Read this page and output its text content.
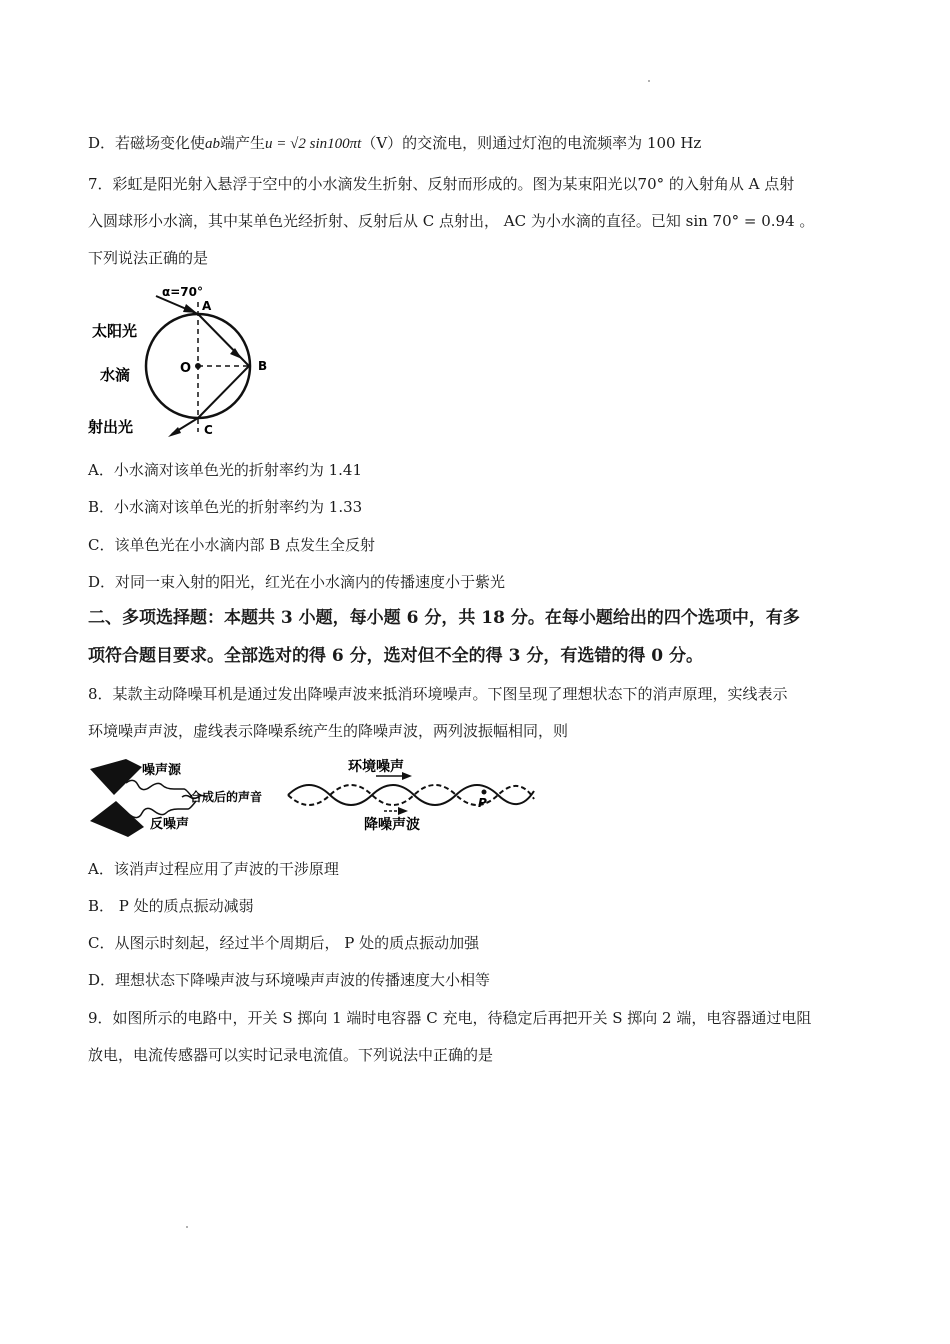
D．若磁场变化使ab端产生u = √2 sin100πt（V）的交流电，则通过灯泡的电流频率为 100 Hz
7．彩虹是阳光射入悬浮于空中的小水滴发生折射、反射而形成的。图为某束阳光以70° 的入射角从 A 点射
入圆球形小水滴，其中某单色光经折射、反射后从 C 点射出， AC 为小水滴的直径。已知 sin 70° = 0.94 。
下列说法正确的是
α=70°
A
B
C
O
太阳光
水滴
射出光
A．小水滴对该单色光的折射率约为 1.41
B．小水滴对该单色光的折射率约为 1.33
C．该单色光在小水滴内部 B 点发生全反射
D．对同一束入射的阳光，红光在小水滴内的传播速度小于紫光
二、多项选择题：本题共 3 小题，每小题 6 分，共 18 分。在每小题给出的四个选项中，有多
项符合题目要求。全部选对的得 6 分，选对但不全的得 3 分，有选错的得 0 分。
8．某款主动降噪耳机是通过发出降噪声波来抵消环境噪声。下图呈现了理想状态下的消声原理，实线表示
环境噪声声波，虚线表示降噪系统产生的降噪声波，两列波振幅相同，则
噪声源
合成后的声音
反噪声
环境噪声
降噪声波
P
A．该消声过程应用了声波的干涉原理
B． P 处的质点振动减弱
C．从图示时刻起，经过半个周期后， P 处的质点振动加强
D．理想状态下降噪声波与环境噪声声波的传播速度大小相等
9．如图所示的电路中，开关 S 掷向 1 端时电容器 C 充电，待稳定后再把开关 S 掷向 2 端，电容器通过电阻
放电，电流传感器可以实时记录电流值。下列说法中正确的是
